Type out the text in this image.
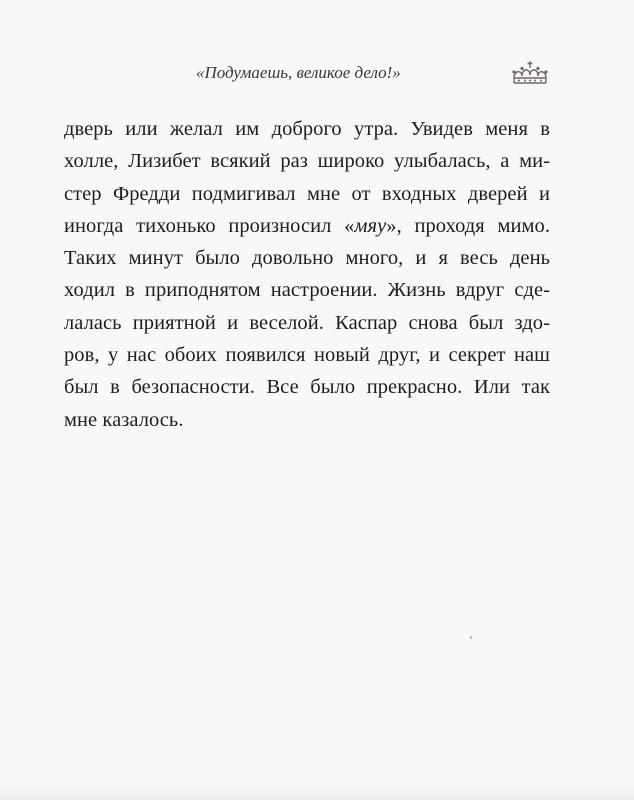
«Подумаешь, великое дело!»
дверь или желал им доброго утра. Увидев меня в
холле, Лизибет всякий раз широко улыбалась, а ми-
стер Фредди подмигивал мне от входных дверей и
иногда тихонько произносил «мяу», проходя мимо.
Таких минут было довольно много, и я весь день
ходил в приподнятом настроении. Жизнь вдруг сде-
лалась приятной и веселой. Каспар снова был здо-
ров, у нас обоих появился новый друг, и секрет наш
был в безопасности. Все было прекрасно. Или так
мне казалось.
